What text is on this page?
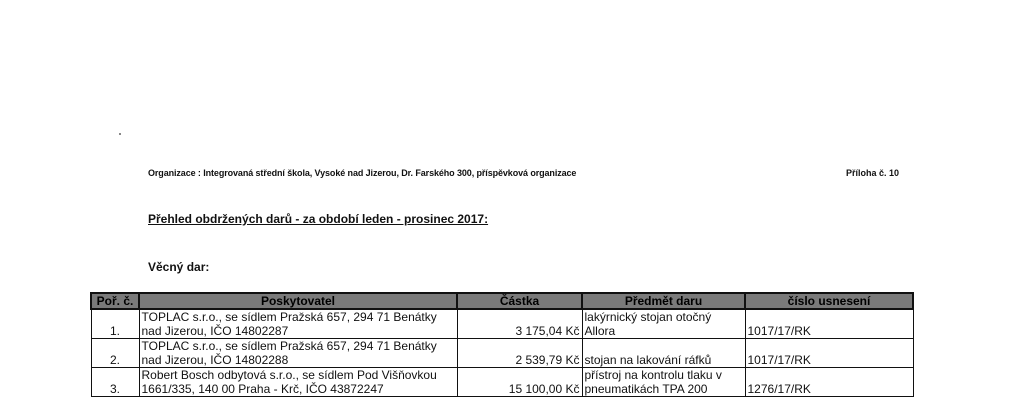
Organizace : Integrovaná střední škola, Vysoké nad Jizerou, Dr. Farského 300, příspěvková organizace	Příloha č. 10
Přehled obdržených darů - za období leden - prosinec 2017:
Věcný dar:
Poř. č.	Poskytovatel	Částka	Předmět daru	číslo usnesení
1.	TOPLAC s.r.o., se sídlem Pražská 657, 294 71 Benátky nad Jizerou, IČO 14802287	3 175,04 Kč	lakýrnický stojan otočný Allora	1017/17/RK
2.	TOPLAC s.r.o., se sídlem Pražská 657, 294 71 Benátky nad Jizerou, IČO 14802288	2 539,79 Kč	stojan na lakování ráfků	1017/17/RK
3.	Robert Bosch odbytová s.r.o., se sídlem Pod Višňovkou 1661/335, 140 00 Praha - Krč, IČO 43872247	15 100,00 Kč	přístroj na kontrolu tlaku v pneumatikách TPA 200	1276/17/RK
